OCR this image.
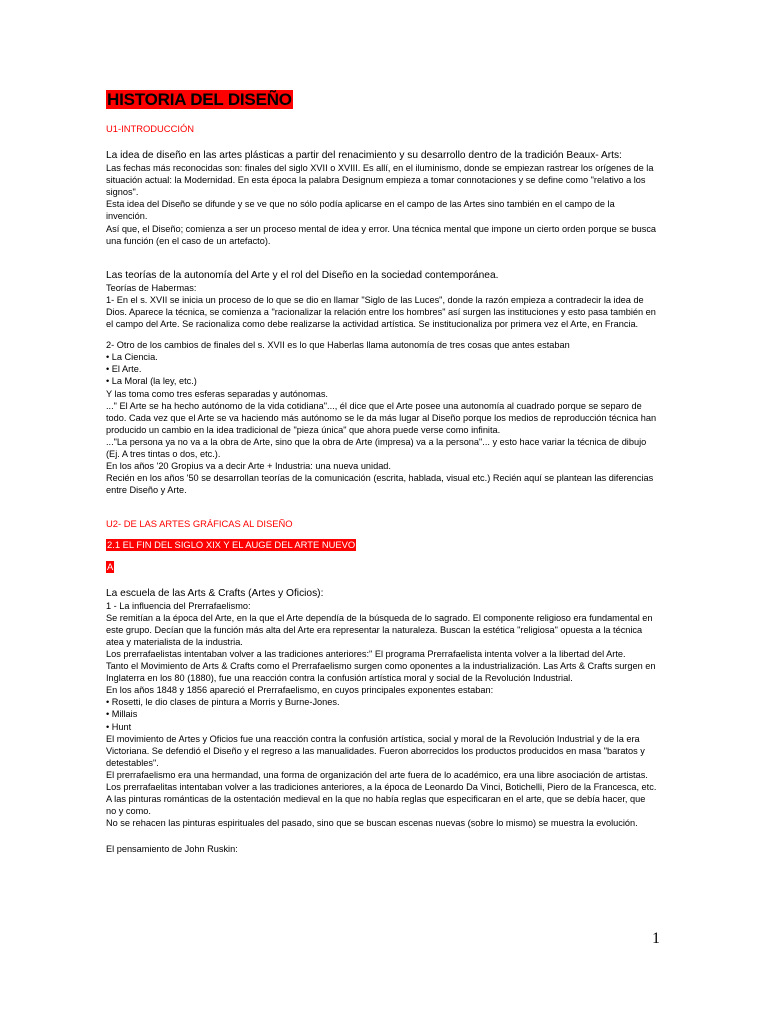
HISTORIA DEL DISEÑO

U1-INTRODUCCIÓN

La idea de diseño en las artes plásticas a partir del renacimiento y su desarrollo dentro de la tradición Beaux- Arts:

Las fechas más reconocidas son: finales del siglo XVII o XVIII. Es allí, en el iluminismo, donde se empiezan rastrear los orígenes de la situación actual: la Modernidad. En esta época la palabra Designum empieza a tomar connotaciones y se define como "relativo a los signos".

Esta idea del Diseño se difunde y se ve que no sólo podía aplicarse en el campo de las Artes sino también en el campo de la invención.

Así que, el Diseño; comienza a ser un proceso mental de idea y error. Una técnica mental que impone un cierto orden porque se busca una función (en el caso de un artefacto).

Las teorías de la autonomía del Arte y el rol del Diseño en la sociedad contemporánea.

Teorías de Habermas:

1- En el s. XVII se inicia un proceso de lo que se dio en llamar "Siglo de las Luces", donde la razón empieza a contradecir la idea de Dios. Aparece la técnica, se comienza a "racionalizar la relación entre los hombres" así surgen las instituciones y esto pasa también en el campo del Arte. Se racionaliza como debe realizarse la actividad artística. Se institucionaliza por primera vez el Arte, en Francia.

2- Otro de los cambios de finales del s. XVII es lo que Haberlas llama autonomía de tres cosas que antes estaban

• La Ciencia.

• El Arte.

• La Moral (la ley, etc.)

Y las toma como tres esferas separadas y autónomas.

..." El Arte se ha hecho autónomo de la vida cotidiana"..., él dice que el Arte posee una autonomía al cuadrado porque se separo de todo. Cada vez que el Arte se va haciendo más autónomo se le da más lugar al Diseño porque los medios de reproducción técnica han producido un cambio en la idea tradicional de "pieza única" que ahora puede verse como infinita.

..."La persona ya no va a la obra de Arte, sino que la obra de Arte (impresa) va a la persona"... y esto hace variar la técnica de dibujo (Ej. A tres tintas o dos, etc.).

En los años '20 Gropius va a decir Arte + Industria: una nueva unidad.

Recién en los años '50 se desarrollan teorías de la comunicación (escrita, hablada, visual etc.) Recién aquí se plantean las diferencias entre Diseño y Arte.

U2- DE LAS ARTES GRÁFICAS AL DISEÑO

2.1 EL FIN DEL SIGLO XIX Y EL AUGE DEL ARTE NUEVO
A

La escuela de las Arts & Crafts (Artes y Oficios):

1 - La influencia del Prerrafaelismo:

Se remitían a la época del Arte, en la que el Arte dependía de la búsqueda de lo sagrado. El componente religioso era fundamental en este grupo. Decían que la función más alta del Arte era representar la naturaleza. Buscan la estética "religiosa" opuesta a la técnica atea y materialista de la industria.

Los prerrafaelistas intentaban volver a las tradiciones anteriores:" El programa Prerrafaelista intenta volver a la libertad del Arte.

Tanto el Movimiento de Arts & Crafts como el Prerrafaelismo surgen como oponentes a la industrialización. Las Arts & Crafts surgen en Inglaterra en los 80 (1880), fue una reacción contra la confusión artística moral y social de la Revolución Industrial.

En los años 1848 y 1856 apareció el Prerrafaelismo, en cuyos principales exponentes estaban:

• Rosetti, le dio clases de pintura a Morris y Burne-Jones.

• Millais

• Hunt

El movimiento de Artes y Oficios fue una reacción contra la confusión artística, social y moral de la Revolución Industrial y de la era Victoriana. Se defendió el Diseño y el regreso a las manualidades. Fueron aborrecidos los productos producidos en masa "baratos y detestables".

El prerrafaelismo era una hermandad, una forma de organización del arte fuera de lo académico, era una libre asociación de artistas. Los prerrafaelitas intentaban volver a las tradiciones anteriores, a la época de Leonardo Da Vinci, Botichelli, Piero de la Francesca, etc. A las pinturas románticas de la ostentación medieval en la que no había reglas que especificaran en el arte, que se debía hacer, que no y como.

No se rehacen las pinturas espirituales del pasado, sino que se buscan escenas nuevas (sobre lo mismo) se muestra la evolución.

El pensamiento de John Ruskin:

1
